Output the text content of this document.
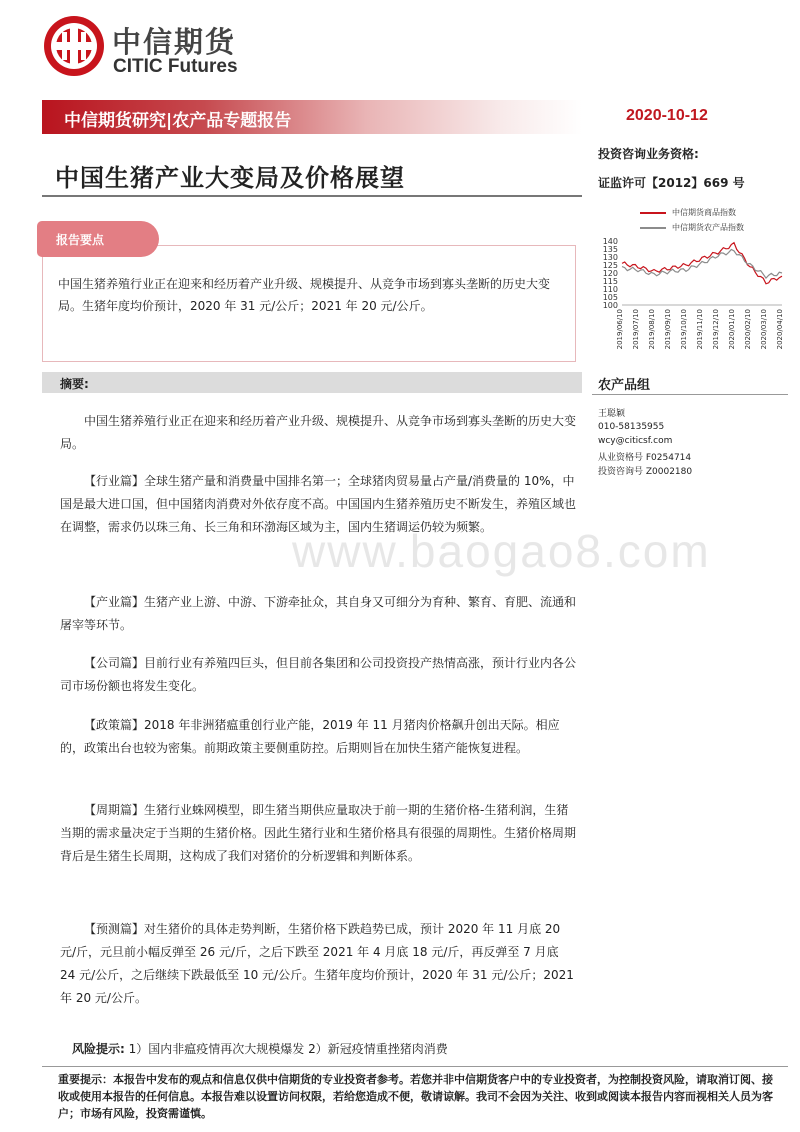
中信期货
CITIC Futures
中信期货研究|农产品专题报告	2020-10-12
中国生猪产业大变局及价格展望
投资咨询业务资格:
证监许可【2012】669 号
报告要点
中国生猪养殖行业正在迎来和经历着产业升级、规模提升、从竞争市场到寡头垄断的历史大变局。生猪年度均价预计，2020 年 31 元/公斤；2021 年 20 元/公斤。
中信期货商品指数
中信期货农产品指数
140
135
130
125
120
115
110
105
100
2019/06/10 2019/07/10 2019/08/10 2019/09/10 2019/10/10 2019/11/10 2019/12/10 2020/01/10 2020/02/10 2020/03/10 2020/04/10
农产品组
王聪颖
010-58135955
wcy@citicsf.com
从业资格号 F0254714
投资咨询号 Z0002180
摘要:
中国生猪养殖行业正在迎来和经历着产业升级、规模提升、从竞争市场到寡头垄断的历史大变局。
【行业篇】全球生猪产量和消费量中国排名第一；全球猪肉贸易量占产量/消费量的 10%，中国是最大进口国，但中国猪肉消费对外依存度不高。中国国内生猪养殖历史不断发生，养殖区域也在调整，需求仍以珠三角、长三角和环渤海区域为主，国内生猪调运仍较为频繁。
【产业篇】生猪产业上游、中游、下游牵扯众，其自身又可细分为育种、繁育、育肥、流通和屠宰等环节。
【公司篇】目前行业有养殖四巨头，但目前各集团和公司投资投产热情高涨，预计行业内各公司市场份额也将发生变化。
【政策篇】2018 年非洲猪瘟重创行业产能，2019 年 11 月猪肉价格飙升创出天际。相应的，政策出台也较为密集。前期政策主要侧重防控。后期则旨在加快生猪产能恢复进程。
【周期篇】生猪行业蛛网模型，即生猪当期供应量取决于前一期的生猪价格-生猪利润，生猪当期的需求量决定于当期的生猪价格。因此生猪行业和生猪价格具有很强的周期性。生猪价格周期背后是生猪生长周期，这构成了我们对猪价的分析逻辑和判断体系。
【预测篇】对生猪价的具体走势判断，生猪价格下跌趋势已成，预计 2020 年 11 月底 20 元/斤，元旦前小幅反弹至 26 元/斤，之后下跌至 2021 年 4 月底 18 元/斤，再反弹至 7 月底 24 元/公斤，之后继续下跌最低至 10 元/公斤。生猪年度均价预计，2020 年 31 元/公斤；2021 年 20 元/公斤。
风险提示: 1）国内非瘟疫情再次大规模爆发 2）新冠疫情重挫猪肉消费
www.baogao8.com
重要提示：本报告中发布的观点和信息仅供中信期货的专业投资者参考。若您并非中信期货客户中的专业投资者，为控制投资风险，请取消订阅、接收或使用本报告的任何信息。本报告难以设置访问权限，若给您造成不便，敬请谅解。我司不会因为关注、收到或阅读本报告内容而视相关人员为客户；市场有风险，投资需谨慎。
